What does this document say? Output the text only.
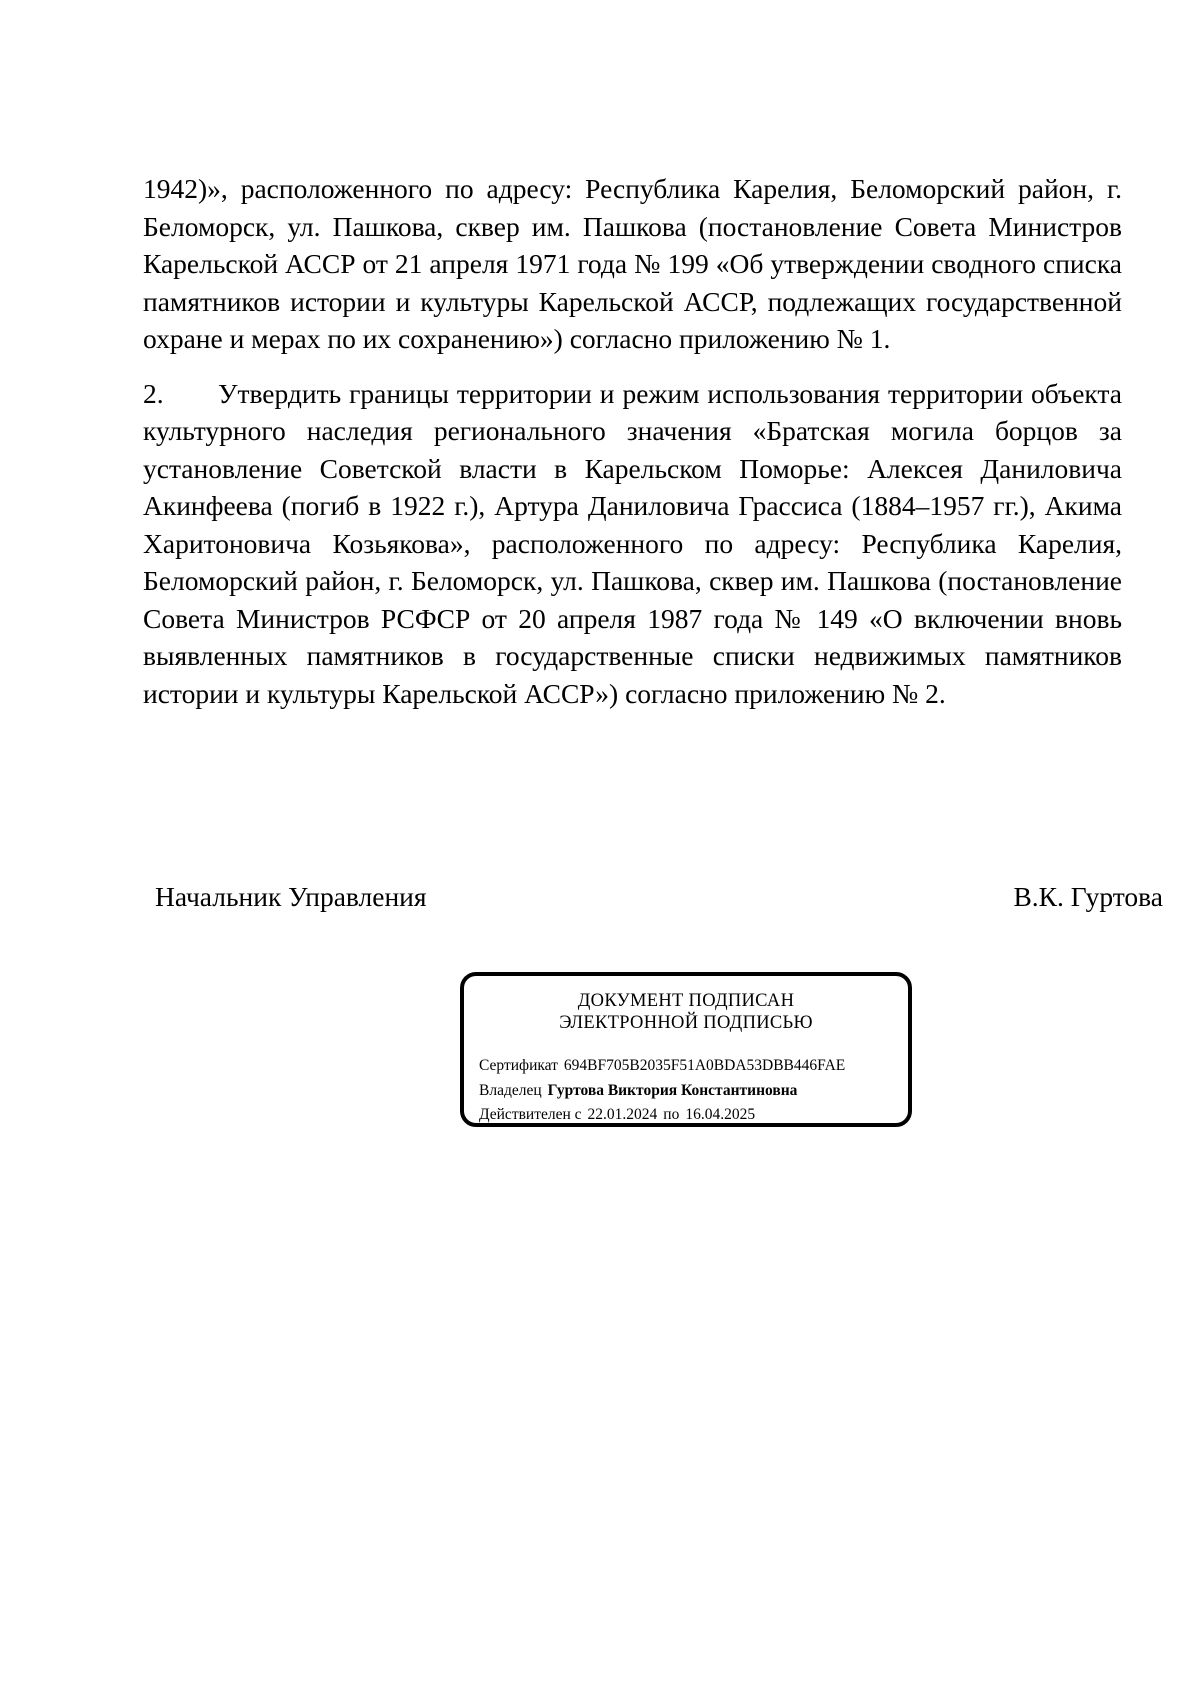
1942)», расположенного по адресу: Республика Карелия, Беломорский район, г. Беломорск, ул. Пашкова, сквер им. Пашкова (постановление Совета Министров Карельской АССР от 21 апреля 1971 года № 199 «Об утверждении сводного списка памятников истории и культуры Карельской АССР, подлежащих государственной охране и мерах по их сохранению») согласно приложению № 1.

2. Утвердить границы территории и режим использования территории объекта культурного наследия регионального значения «Братская могила борцов за установление Советской власти в Карельском Поморье: Алексея Даниловича Акинфеева (погиб в 1922 г.), Артура Даниловича Грассиса (1884–1957 гг.), Акима Харитоновича Козьякова», расположенного по адресу: Республика Карелия, Беломорский район, г. Беломорск, ул. Пашкова, сквер им. Пашкова (постановление Совета Министров РСФСР от 20 апреля 1987 года № 149 «О включении вновь выявленных памятников в государственные списки недвижимых памятников истории и культуры Карельской АССР») согласно приложению № 2.

Начальник Управления	В.К. Гуртова
ДОКУМЕНТ ПОДПИСАН
ЭЛЕКТРОННОЙ ПОДПИСЬЮ
Сертификат 694BF705B2035F51A0BDA53DBB446FAE
Владелец Гуртова Виктория Константиновна
Действителен с 22.01.2024 по 16.04.2025
